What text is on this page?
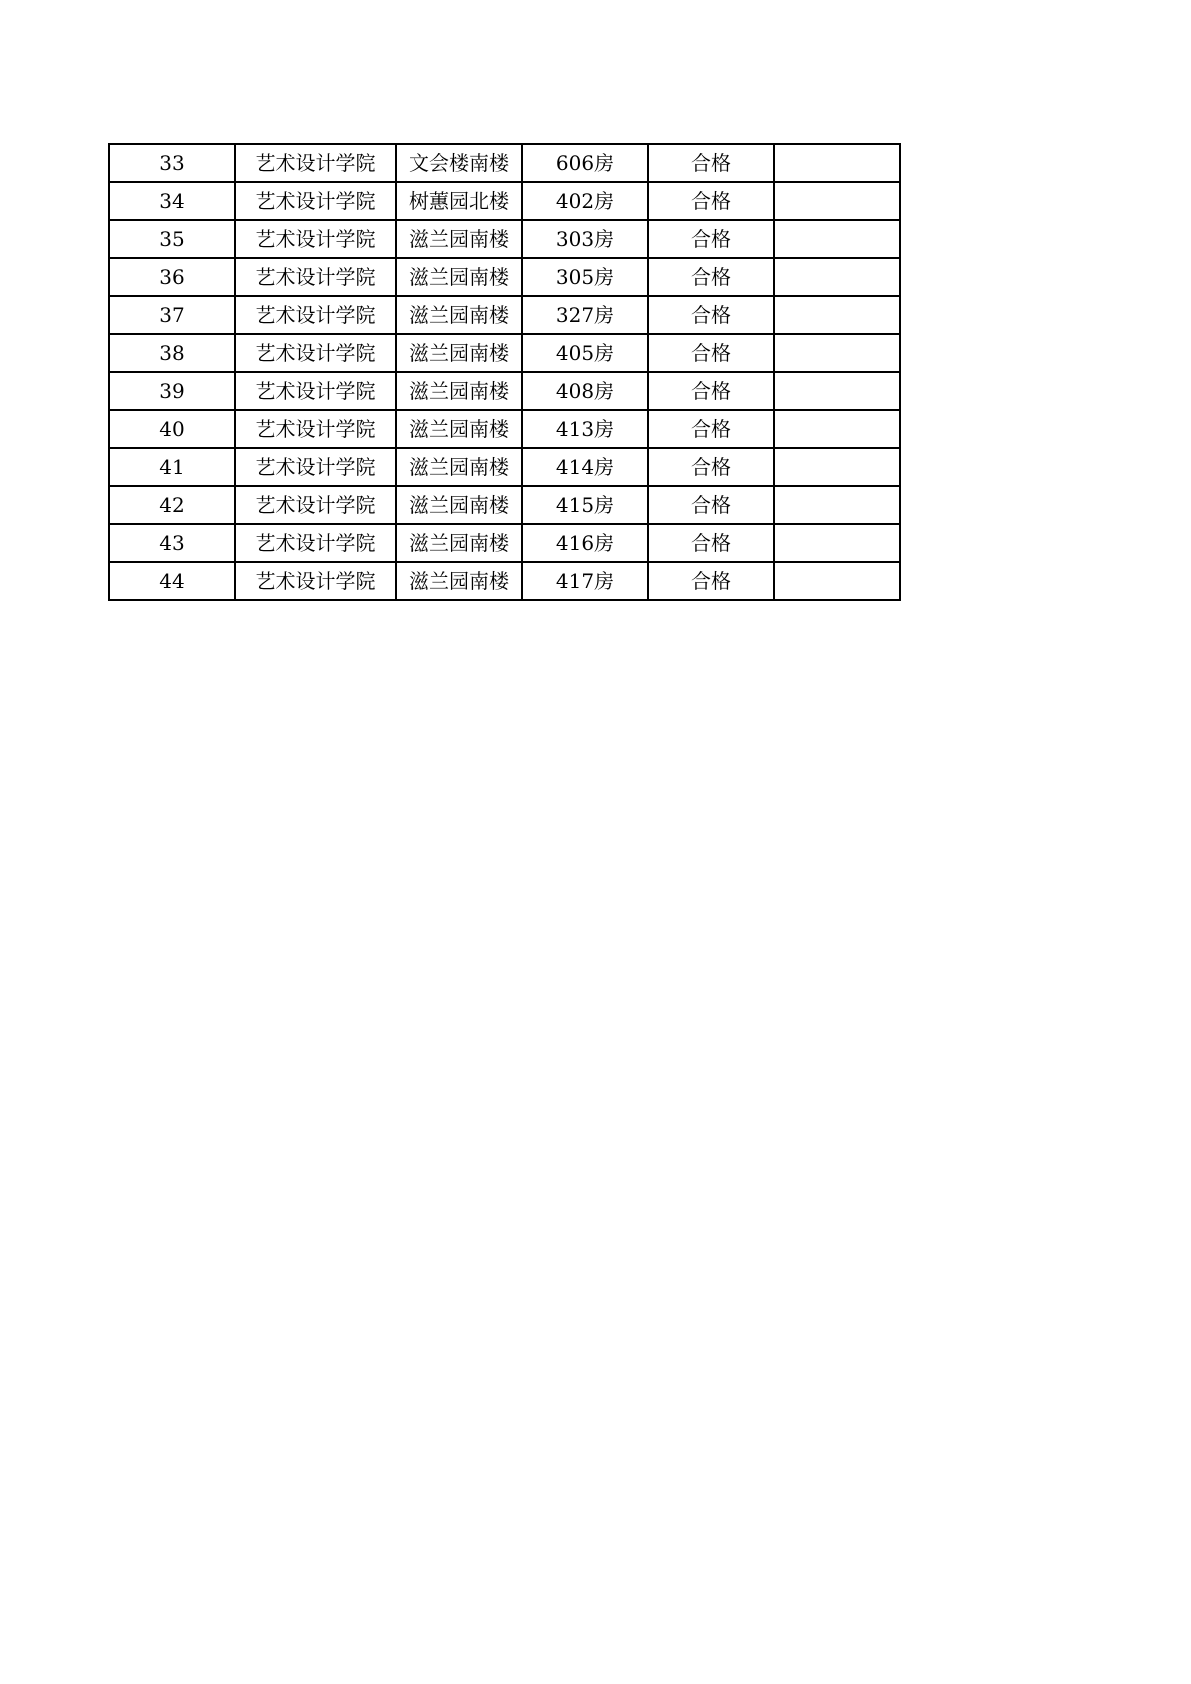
33	艺术设计学院	文会楼南楼	606房	合格	
34	艺术设计学院	树蕙园北楼	402房	合格	
35	艺术设计学院	滋兰园南楼	303房	合格	
36	艺术设计学院	滋兰园南楼	305房	合格	
37	艺术设计学院	滋兰园南楼	327房	合格	
38	艺术设计学院	滋兰园南楼	405房	合格	
39	艺术设计学院	滋兰园南楼	408房	合格	
40	艺术设计学院	滋兰园南楼	413房	合格	
41	艺术设计学院	滋兰园南楼	414房	合格	
42	艺术设计学院	滋兰园南楼	415房	合格	
43	艺术设计学院	滋兰园南楼	416房	合格	
44	艺术设计学院	滋兰园南楼	417房	合格	
